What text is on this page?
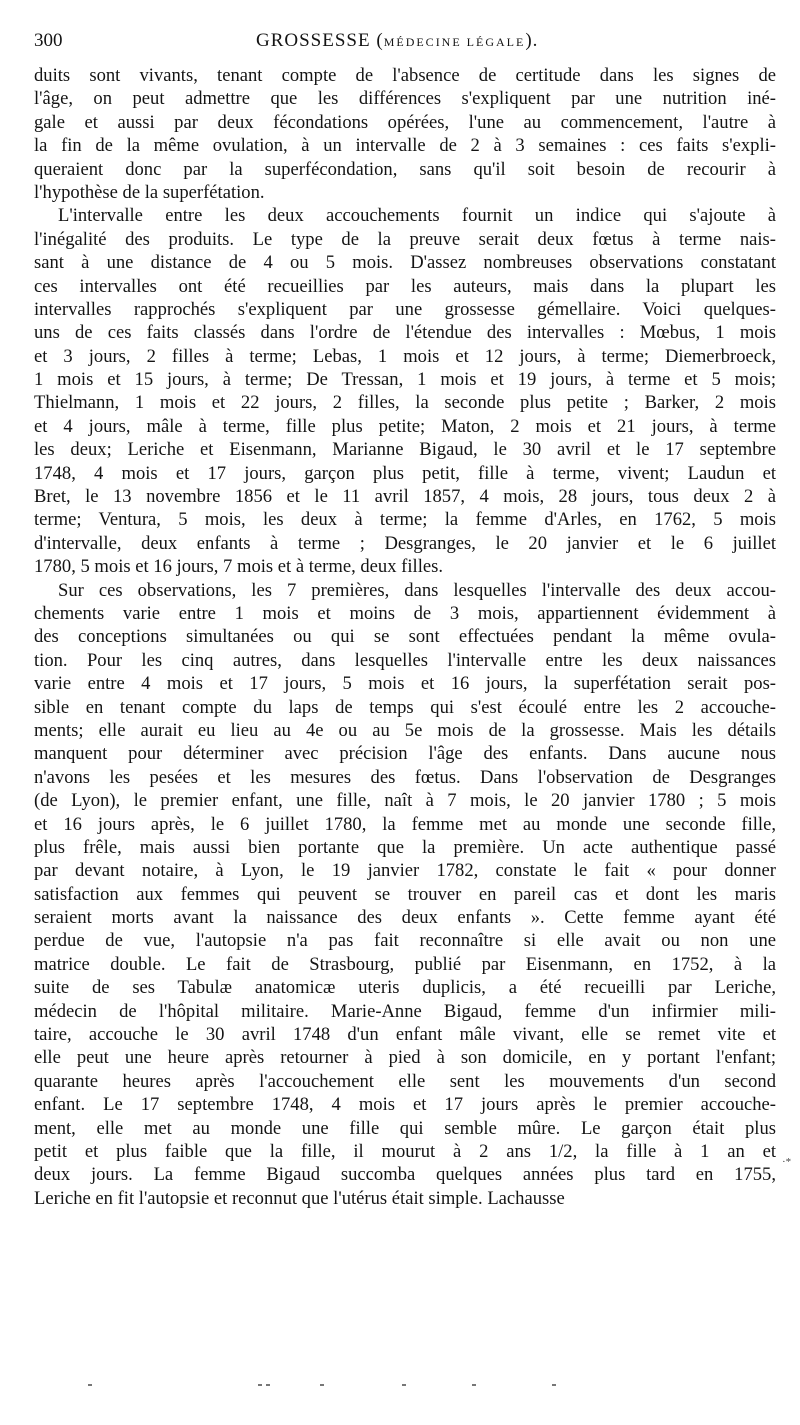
300	GROSSESSE (MÉDECINE LÉGALE).
duits sont vivants, tenant compte de l'absence de certitude dans les signes de
l'âge, on peut admettre que les différences s'expliquent par une nutrition iné-
gale et aussi par deux fécondations opérées, l'une au commencement, l'autre à
la fin de la même ovulation, à un intervalle de 2 à 3 semaines : ces faits s'expli-
queraient donc par la superfécondation, sans qu'il soit besoin de recourir à
l'hypothèse de la superfétation.
L'intervalle entre les deux accouchements fournit un indice qui s'ajoute à
l'inégalité des produits. Le type de la preuve serait deux fœtus à terme nais-
sant à une distance de 4 ou 5 mois. D'assez nombreuses observations constatant
ces intervalles ont été recueillies par les auteurs, mais dans la plupart les
intervalles rapprochés s'expliquent par une grossesse gémellaire. Voici quelques-
uns de ces faits classés dans l'ordre de l'étendue des intervalles : Mœbus, 1 mois
et 3 jours, 2 filles à terme; Lebas, 1 mois et 12 jours, à terme; Diemerbroeck,
1 mois et 15 jours, à terme; De Tressan, 1 mois et 19 jours, à terme et 5 mois;
Thielmann, 1 mois et 22 jours, 2 filles, la seconde plus petite ; Barker, 2 mois
et 4 jours, mâle à terme, fille plus petite; Maton, 2 mois et 21 jours, à terme
les deux; Leriche et Eisenmann, Marianne Bigaud, le 30 avril et le 17 septembre
1748, 4 mois et 17 jours, garçon plus petit, fille à terme, vivent; Laudun et
Bret, le 13 novembre 1856 et le 11 avril 1857, 4 mois, 28 jours, tous deux 2 à
terme; Ventura, 5 mois, les deux à terme; la femme d'Arles, en 1762, 5 mois
d'intervalle, deux enfants à terme ; Desgranges, le 20 janvier et le 6 juillet
1780, 5 mois et 16 jours, 7 mois et à terme, deux filles.
Sur ces observations, les 7 premières, dans lesquelles l'intervalle des deux accou-
chements varie entre 1 mois et moins de 3 mois, appartiennent évidemment à
des conceptions simultanées ou qui se sont effectuées pendant la même ovula-
tion. Pour les cinq autres, dans lesquelles l'intervalle entre les deux naissances
varie entre 4 mois et 17 jours, 5 mois et 16 jours, la superfétation serait pos-
sible en tenant compte du laps de temps qui s'est écoulé entre les 2 accouche-
ments; elle aurait eu lieu au 4e ou au 5e mois de la grossesse. Mais les détails
manquent pour déterminer avec précision l'âge des enfants. Dans aucune nous
n'avons les pesées et les mesures des fœtus. Dans l'observation de Desgranges
(de Lyon), le premier enfant, une fille, naît à 7 mois, le 20 janvier 1780 ; 5 mois
et 16 jours après, le 6 juillet 1780, la femme met au monde une seconde fille,
plus frêle, mais aussi bien portante que la première. Un acte authentique passé
par devant notaire, à Lyon, le 19 janvier 1782, constate le fait « pour donner
satisfaction aux femmes qui peuvent se trouver en pareil cas et dont les maris
seraient morts avant la naissance des deux enfants ». Cette femme ayant été
perdue de vue, l'autopsie n'a pas fait reconnaître si elle avait ou non une
matrice double. Le fait de Strasbourg, publié par Eisenmann, en 1752, à la
suite de ses Tabulæ anatomicæ uteris duplicis, a été recueilli par Leriche,
médecin de l'hôpital militaire. Marie-Anne Bigaud, femme d'un infirmier mili-
taire, accouche le 30 avril 1748 d'un enfant mâle vivant, elle se remet vite et
elle peut une heure après retourner à pied à son domicile, en y portant l'enfant;
quarante heures après l'accouchement elle sent les mouvements d'un second
enfant. Le 17 septembre 1748, 4 mois et 17 jours après le premier accouche-
ment, elle met au monde une fille qui semble mûre. Le garçon était plus
petit et plus faible que la fille, il mourut à 2 ans 1/2, la fille à 1 an et
deux jours. La femme Bigaud succomba quelques années plus tard en 1755,
Leriche en fit l'autopsie et reconnut que l'utérus était simple. Lachausse
·*
